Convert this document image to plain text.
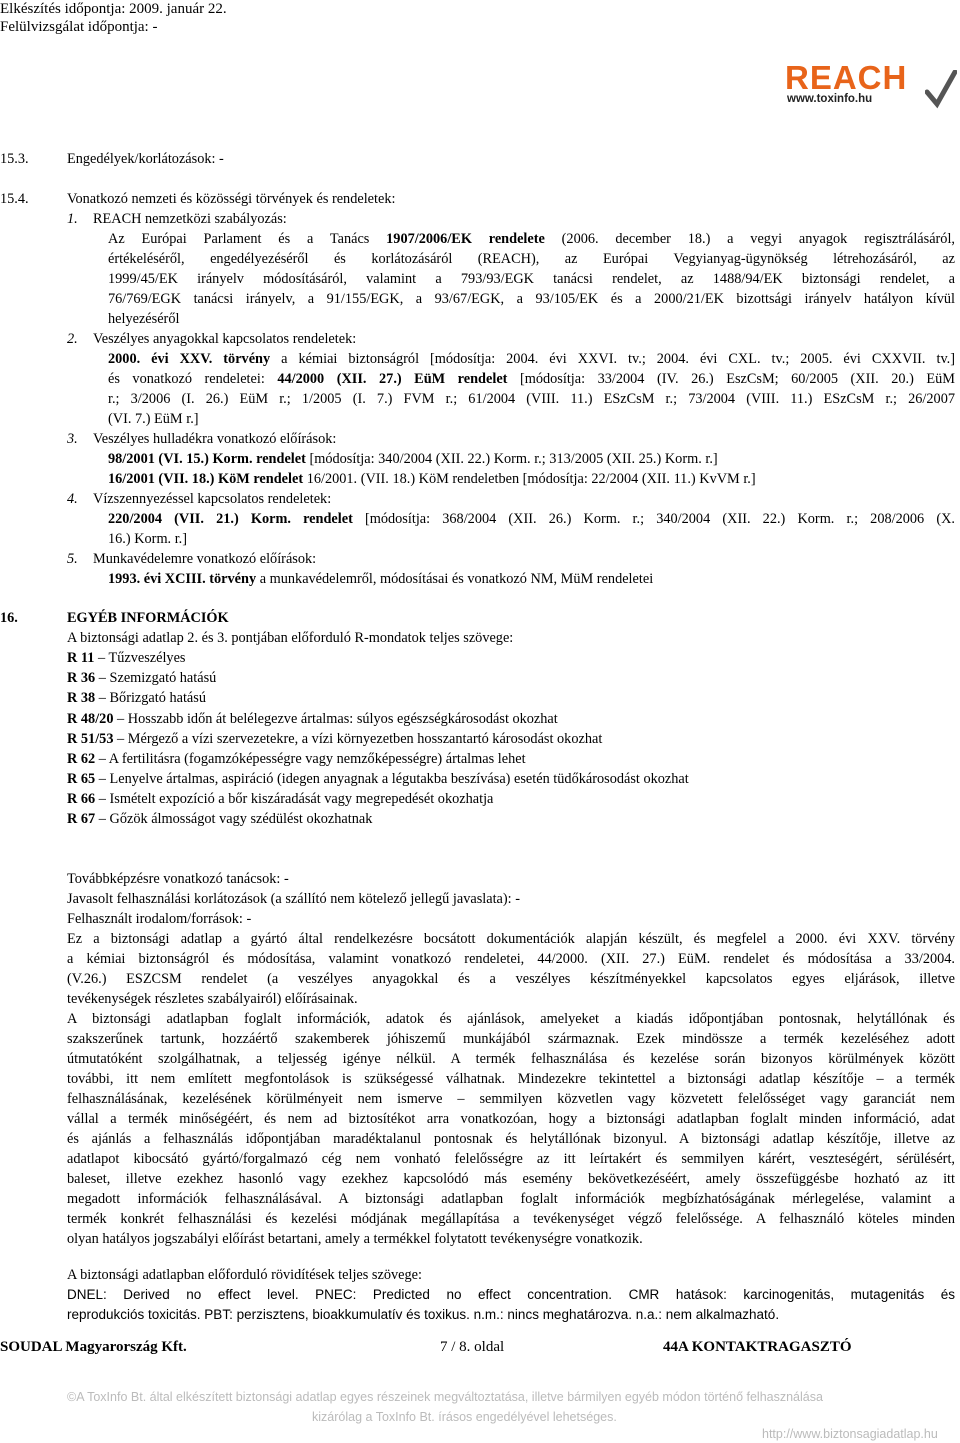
Elkészítés időpontja: 2009. január 22.
Felülvizsgálat időpontja: -
REACH
www.toxinfo.hu
15.3.	Engedélyek/korlátozások: -
15.4.	Vonatkozó nemzeti és közösségi törvények és rendeletek:
1. REACH nemzetközi szabályozás:
Az Európai Parlament és a Tanács 1907/2006/EK rendelete (2006. december 18.) a vegyi anyagok regisztrálásáról,
értékeléséről, engedélyezéséről és korlátozásáról (REACH), az Európai Vegyianyag-ügynökség létrehozásáról, az
1999/45/EK irányelv módosításáról, valamint a 793/93/EGK tanácsi rendelet, az 1488/94/EK biztonsági rendelet, a
76/769/EGK tanácsi irányelv, a 91/155/EGK, a 93/67/EGK, a 93/105/EK és a 2000/21/EK bizottsági irányelv hatályon kívül
helyezéséről
2. Veszélyes anyagokkal kapcsolatos rendeletek:
2000. évi XXV. törvény a kémiai biztonságról [módosítja: 2004. évi XXVI. tv.; 2004. évi CXL. tv.; 2005. évi CXXVII. tv.]
és vonatkozó rendeletei: 44/2000 (XII. 27.) EüM rendelet [módosítja: 33/2004 (IV. 26.) EszCsM; 60/2005 (XII. 20.) EüM
r.; 3/2006 (I. 26.) EüM r.; 1/2005 (I. 7.) FVM r.; 61/2004 (VIII. 11.) ESzCsM r.; 73/2004 (VIII. 11.) ESzCsM r.; 26/2007
(VI. 7.) EüM r.]
3. Veszélyes hulladékra vonatkozó előírások:
98/2001 (VI. 15.) Korm. rendelet [módosítja: 340/2004 (XII. 22.) Korm. r.; 313/2005 (XII. 25.) Korm. r.]
16/2001 (VII. 18.) KöM rendelet 16/2001. (VII. 18.) KöM rendeletben [módosítja: 22/2004 (XII. 11.) KvVM r.]
4. Vízszennyezéssel kapcsolatos rendeletek:
220/2004 (VII. 21.) Korm. rendelet [módosítja: 368/2004 (XII. 26.) Korm. r.; 340/2004 (XII. 22.) Korm. r.; 208/2006 (X.
16.) Korm. r.]
5. Munkavédelemre vonatkozó előírások:
1993. évi XCIII. törvény a munkavédelemről, módosításai és vonatkozó NM, MüM rendeletei
16.	EGYÉB INFORMÁCIÓK
A biztonsági adatlap 2. és 3. pontjában előforduló R-mondatok teljes szövege:
R 11 – Tűzveszélyes
R 36 – Szemizgató hatású
R 38 – Bőrizgató hatású
R 48/20 – Hosszabb időn át belélegezve ártalmas: súlyos egészségkárosodást okozhat
R 51/53 – Mérgező a vízi szervezetekre, a vízi környezetben hosszantartó károsodást okozhat
R 62 – A fertilitásra (fogamzóképességre vagy nemzőképességre) ártalmas lehet
R 65 – Lenyelve ártalmas, aspiráció (idegen anyagnak a légutakba beszívása) esetén tüdőkárosodást okozhat
R 66 – Ismételt expozíció a bőr kiszáradását vagy megrepedését okozhatja
R 67 – Gőzök álmosságot vagy szédülést okozhatnak
Továbbképzésre vonatkozó tanácsok: -
Javasolt felhasználási korlátozások (a szállító nem kötelező jellegű javaslata): -
Felhasznált irodalom/források: -
Ez a biztonsági adatlap a gyártó által rendelkezésre bocsátott dokumentációk alapján készült, és megfelel a 2000. évi XXV. törvény
a kémiai biztonságról és módosítása, valamint vonatkozó rendeletei, 44/2000. (XII. 27.) EüM. rendelet és módosítása a 33/2004.
(V.26.) ESZCSM rendelet (a veszélyes anyagokkal és a veszélyes készítményekkel kapcsolatos egyes eljárások, illetve
tevékenységek részletes szabályairól) előírásainak.
A biztonsági adatlapban foglalt információk, adatok és ajánlások, amelyeket a kiadás időpontjában pontosnak, helytállónak és
szakszerűnek tartunk, hozzáértő szakemberek jóhiszemű munkájából származnak. Ezek mindössze a termék kezeléséhez adott
útmutatóként szolgálhatnak, a teljesség igénye nélkül. A termék felhasználása és kezelése során bizonyos körülmények között
további, itt nem említett megfontolások is szükségessé válhatnak. Mindezekre tekintettel a biztonsági adatlap készítője – a termék
felhasználásának, kezelésének körülményeit nem ismerve – semmilyen közvetlen vagy közvetett felelősséget vagy garanciát nem
vállal a termék minőségéért, és nem ad biztosítékot arra vonatkozóan, hogy a biztonsági adatlapban foglalt minden információ, adat
és ajánlás a felhasználás időpontjában maradéktalanul pontosnak és helytállónak bizonyul. A biztonsági adatlap készítője, illetve az
adatlapot kibocsátó gyártó/forgalmazó cég nem vonható felelősségre az itt leírtakért és semmilyen kárért, veszteségért, sérülésért,
baleset, illetve ezekhez hasonló vagy ezekhez kapcsolódó más esemény bekövetkezéséért, amely összefüggésbe hozható az itt
megadott információk felhasználásával. A biztonsági adatlapban foglalt információk megbízhatóságának mérlegelése, valamint a
termék konkrét felhasználási és kezelési módjának megállapítása a tevékenységet végző felelőssége. A felhasználó köteles minden
olyan hatályos jogszabályi előírást betartani, amely a termékkel folytatott tevékenységre vonatkozik.
A biztonsági adatlapban előforduló rövidítések teljes szövege:
DNEL: Derived no effect level. PNEC: Predicted no effect concentration. CMR hatások: karcinogenitás, mutagenitás és
reprodukciós toxicitás. PBT: perzisztens, bioakkumulatív és toxikus. n.m.: nincs meghatározva. n.a.: nem alkalmazható.
SOUDAL Magyarország Kft.	7 / 8. oldal	44A KONTAKTRAGASZTÓ
©A ToxInfo Bt. által elkészített biztonsági adatlap egyes részeinek megváltoztatása, illetve bármilyen egyéb módon történő felhasználása
kizárólag a ToxInfo Bt. írásos engedélyével lehetséges.
http://www.biztonsagiadatlap.hu
